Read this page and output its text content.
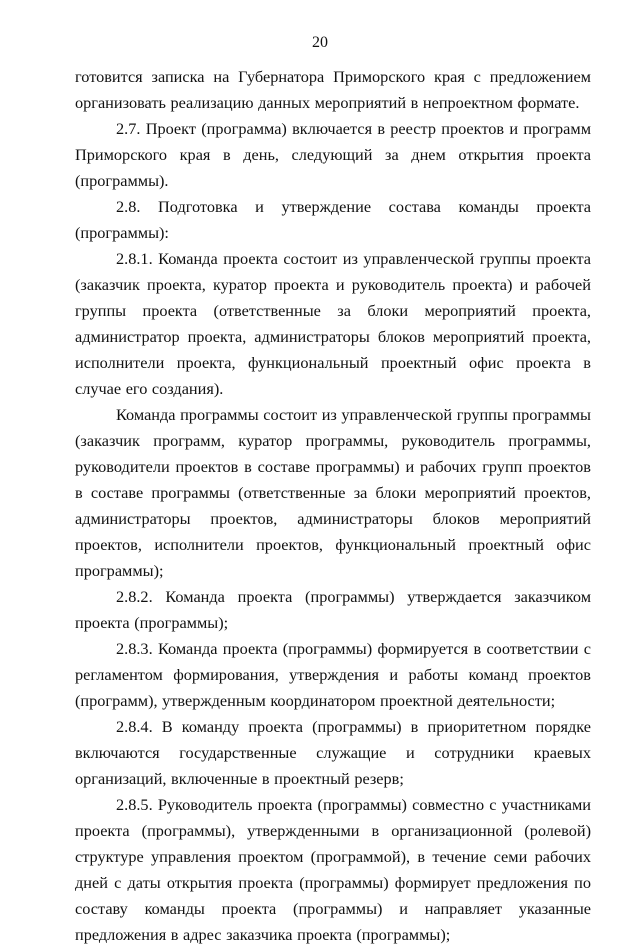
20

готовится записка на Губернатора Приморского края с предложением организовать реализацию данных мероприятий в непроектном формате.

2.7. Проект (программа) включается в реестр проектов и программ Приморского края в день, следующий за днем открытия проекта (программы).

2.8. Подготовка и утверждение состава команды проекта (программы):

2.8.1. Команда проекта состоит из управленческой группы проекта (заказчик проекта, куратор проекта и руководитель проекта) и рабочей группы проекта (ответственные за блоки мероприятий проекта, администратор проекта, администраторы блоков мероприятий проекта, исполнители проекта, функциональный проектный офис проекта в случае его создания).

Команда программы состоит из управленческой группы программы (заказчик программ, куратор программы, руководитель программы, руководители проектов в составе программы) и рабочих групп проектов в составе программы (ответственные за блоки мероприятий проектов, администраторы проектов, администраторы блоков мероприятий проектов, исполнители проектов, функциональный проектный офис программы);

2.8.2. Команда проекта (программы) утверждается заказчиком проекта (программы);

2.8.3. Команда проекта (программы) формируется в соответствии с регламентом формирования, утверждения и работы команд проектов (программ), утвержденным координатором проектной деятельности;

2.8.4. В команду проекта (программы) в приоритетном порядке включаются государственные служащие и сотрудники краевых организаций, включенные в проектный резерв;

2.8.5. Руководитель проекта (программы) совместно с участниками проекта (программы), утвержденными в организационной (ролевой) структуре управления проектом (программой), в течение семи рабочих дней с даты открытия проекта (программы) формирует предложения по составу команды проекта (программы) и направляет указанные предложения в адрес заказчика проекта (программы);
